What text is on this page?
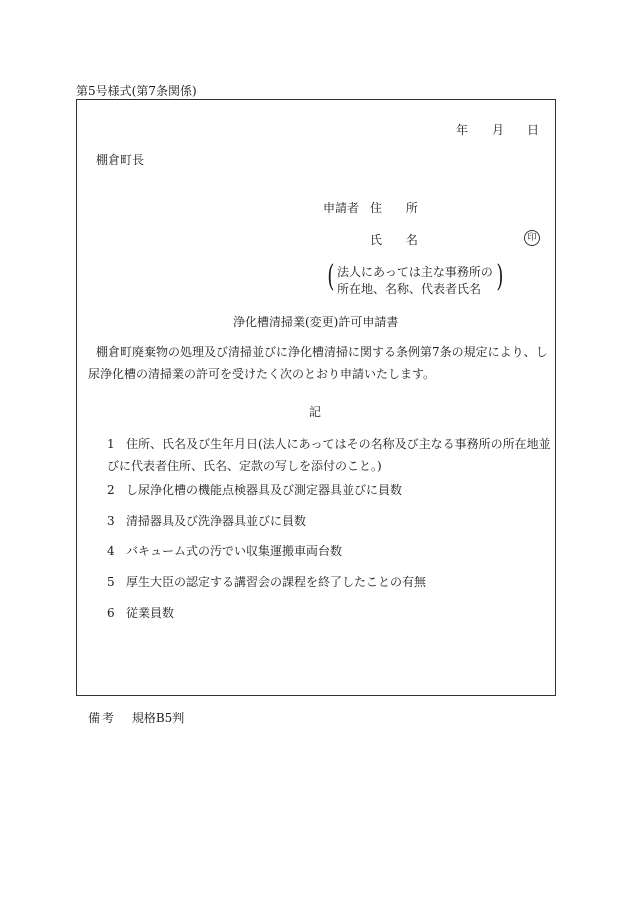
第5号様式(第7条関係)
年 月 日
棚倉町長
申請者 住 所
氏 名	印
( 法人にあっては主な事務所の
所在地、名称、代表者氏名 )
浄化槽清掃業(変更)許可申請書
棚倉町廃棄物の処理及び清掃並びに浄化槽清掃に関する条例第7条の規定により、し
尿浄化槽の清掃業の許可を受けたく次のとおり申請いたします。
記
1 住所、氏名及び生年月日(法人にあってはその名称及び主なる事務所の所在地並
びに代表者住所、氏名、定款の写しを添付のこと。)
2 し尿浄化槽の機能点検器具及び測定器具並びに員数
3 清掃器具及び洗浄器具並びに員数
4 バキューム式の汚でい収集運搬車両台数
5 厚生大臣の認定する講習会の課程を終了したことの有無
6 従業員数
備考 規格B5判
